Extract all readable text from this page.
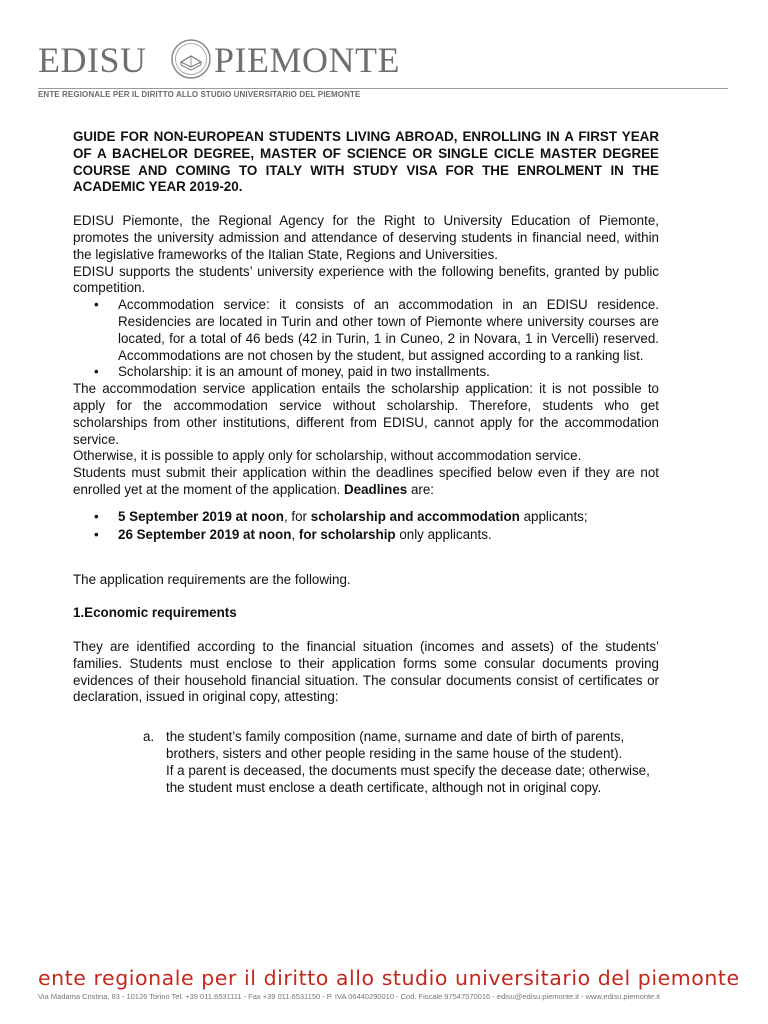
EDISU PIEMONTE
ENTE REGIONALE PER IL DIRITTO ALLO STUDIO UNIVERSITARIO DEL PIEMONTE

GUIDE FOR NON-EUROPEAN STUDENTS LIVING ABROAD, ENROLLING IN A FIRST YEAR OF A BACHELOR DEGREE, MASTER OF SCIENCE OR SINGLE CICLE MASTER DEGREE COURSE AND COMING TO ITALY WITH STUDY VISA FOR THE ENROLMENT IN THE ACADEMIC YEAR 2019-20.

EDISU Piemonte, the Regional Agency for the Right to University Education of Piemonte, promotes the university admission and attendance of deserving students in financial need, within the legislative frameworks of the Italian State, Regions and Universities.

EDISU supports the students’ university experience with the following benefits, granted by public competition.

• Accommodation service: it consists of an accommodation in an EDISU residence. Residencies are located in Turin and other town of Piemonte where university courses are located, for a total of 46 beds (42 in Turin, 1 in Cuneo, 2 in Novara, 1 in Vercelli) reserved. Accommodations are not chosen by the student, but assigned according to a ranking list.
• Scholarship: it is an amount of money, paid in two installments.

The accommodation service application entails the scholarship application: it is not possible to apply for the accommodation service without scholarship. Therefore, students who get scholarships from other institutions, different from EDISU, cannot apply for the accommodation service.

Otherwise, it is possible to apply only for scholarship, without accommodation service.

Students must submit their application within the deadlines specified below even if they are not enrolled yet at the moment of the application. Deadlines are:

• 5 September 2019 at noon, for scholarship and accommodation applicants;
• 26 September 2019 at noon, for scholarship only applicants.

The application requirements are the following.

1.Economic requirements

They are identified according to the financial situation (incomes and assets) of the students’ families. Students must enclose to their application forms some consular documents proving evidences of their household financial situation. The consular documents consist of certificates or declaration, issued in original copy, attesting:

a. the student’s family composition (name, surname and date of birth of parents, brothers, sisters and other people residing in the same house of the student).
If a parent is deceased, the documents must specify the decease date; otherwise, the student must enclose a death certificate, although not in original copy.
ente regionale per il diritto allo studio universitario del piemonte
Via Madama Cristina, 83 - 10126 Torino Tel. +39 011.6531111 - Fax +39 011.6531150 - P. IVA 06440290010 - Cod. Fiscale 97547570016 - edisu@edisu.piemonte.it - www.edisu.piemonte.it
